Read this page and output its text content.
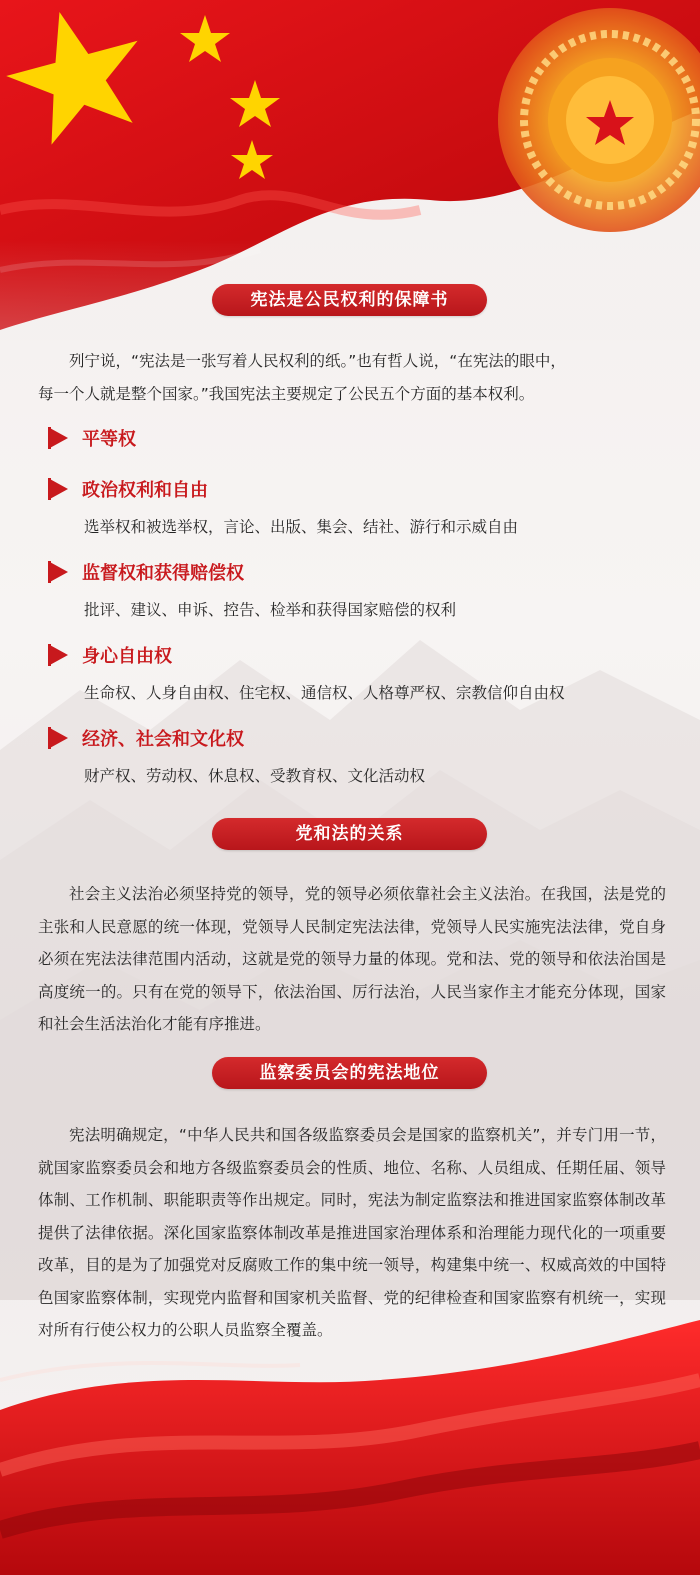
宪法是公民权利的保障书
列宁说，“宪法是一张写着人民权利的纸。”也有哲人说，“在宪法的眼中，
每一个人就是整个国家。”我国宪法主要规定了公民五个方面的基本权利。
平等权
政治权利和自由
选举权和被选举权，言论、出版、集会、结社、游行和示威自由
监督权和获得赔偿权
批评、建议、申诉、控告、检举和获得国家赔偿的权利
身心自由权
生命权、人身自由权、住宅权、通信权、人格尊严权、宗教信仰自由权
经济、社会和文化权
财产权、劳动权、休息权、受教育权、文化活动权
党和法的关系
社会主义法治必须坚持党的领导，党的领导必须依靠社会主义法治。在我国，法是党的主张和人民意愿的统一体现，党领导人民制定宪法法律，党领导人民实施宪法法律，党自身必须在宪法法律范围内活动，这就是党的领导力量的体现。党和法、党的领导和依法治国是高度统一的。只有在党的领导下，依法治国、厉行法治，人民当家作主才能充分体现，国家和社会生活法治化才能有序推进。
监察委员会的宪法地位
宪法明确规定，“中华人民共和国各级监察委员会是国家的监察机关”，并专门用一节，就国家监察委员会和地方各级监察委员会的性质、地位、名称、人员组成、任期任届、领导体制、工作机制、职能职责等作出规定。同时，宪法为制定监察法和推进国家监察体制改革提供了法律依据。深化国家监察体制改革是推进国家治理体系和治理能力现代化的一项重要改革，目的是为了加强党对反腐败工作的集中统一领导，构建集中统一、权威高效的中国特色国家监察体制，实现党内监督和国家机关监督、党的纪律检查和国家监察有机统一，实现对所有行使公权力的公职人员监察全覆盖。
